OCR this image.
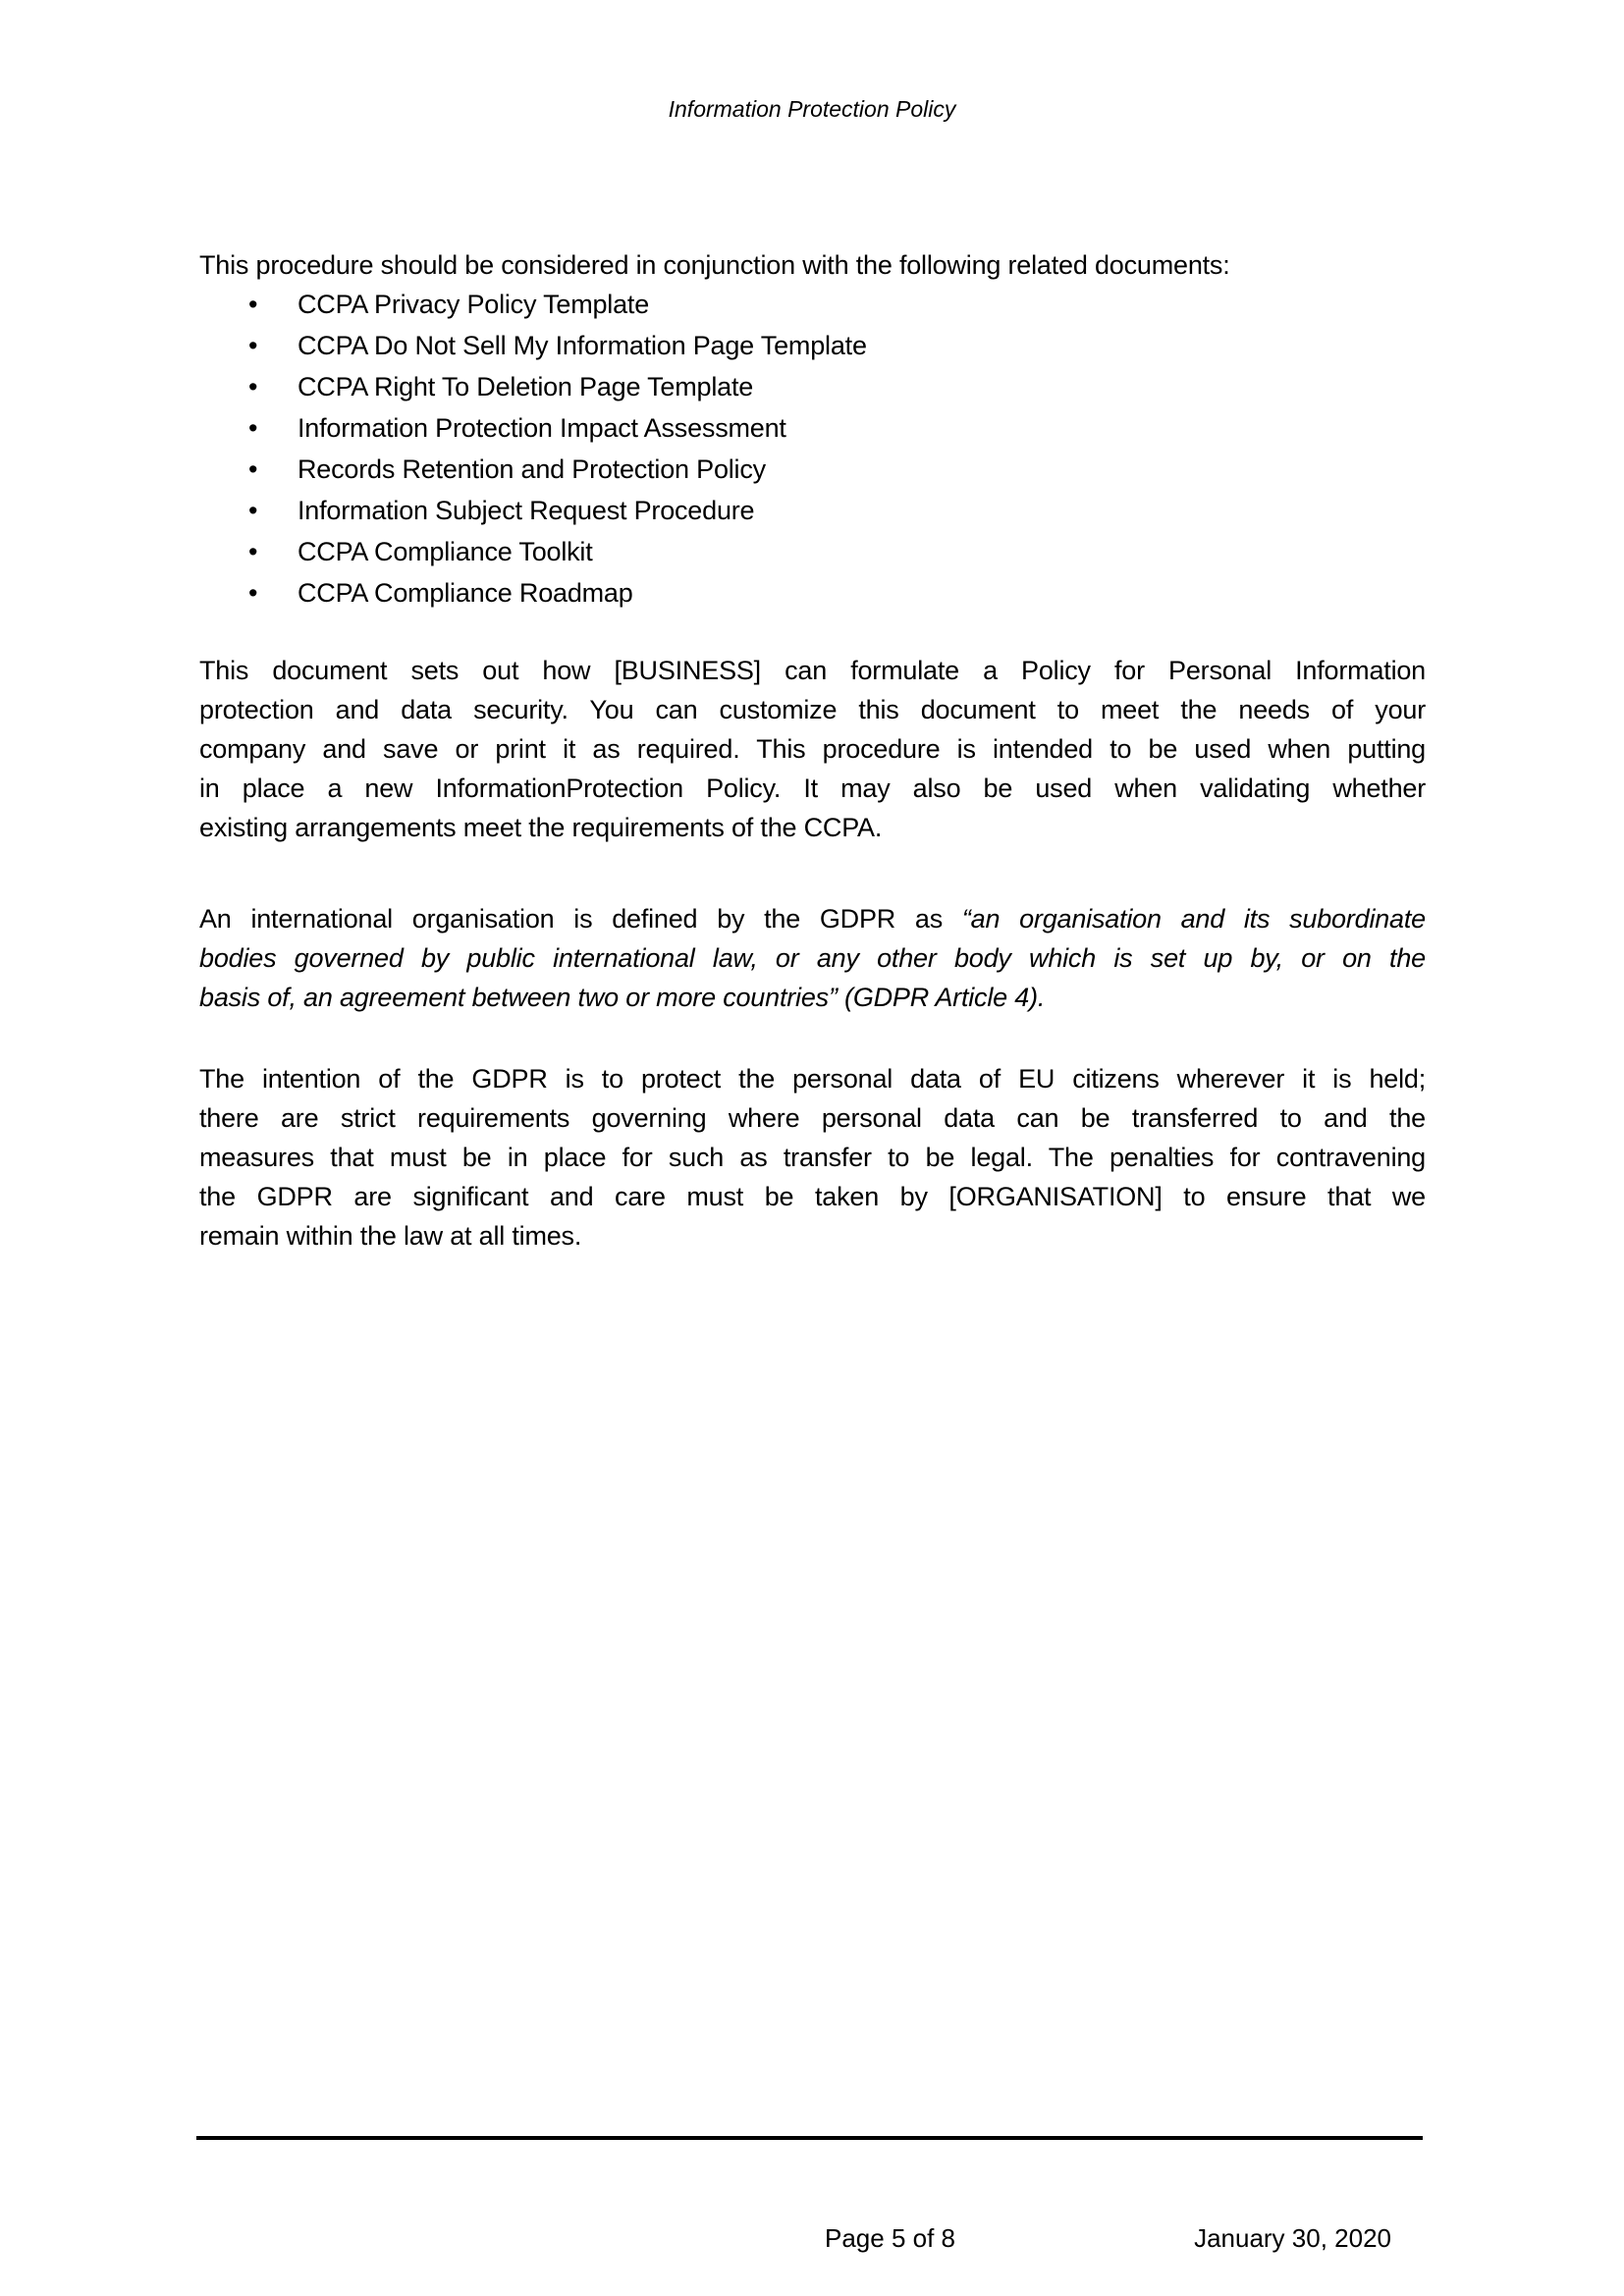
Information Protection Policy
This procedure should be considered in conjunction with the following related documents:
• CCPA Privacy Policy Template
• CCPA Do Not Sell My Information Page Template
• CCPA Right To Deletion Page Template
• Information Protection Impact Assessment
• Records Retention and Protection Policy
• Information Subject Request Procedure
• CCPA Compliance Toolkit
• CCPA Compliance Roadmap
This document sets out how [BUSINESS] can formulate a Policy for Personal Information
protection and data security. You can customize this document to meet the needs of your
company and save or print it as required. This procedure is intended to be used when putting
in place a new InformationProtection Policy. It may also be used when validating whether
existing arrangements meet the requirements of the CCPA.
An international organisation is defined by the GDPR as “an organisation and its subordinate
bodies governed by public international law, or any other body which is set up by, or on the
basis of, an agreement between two or more countries” (GDPR Article 4).
The intention of the GDPR is to protect the personal data of EU citizens wherever it is held;
there are strict requirements governing where personal data can be transferred to and the
measures that must be in place for such as transfer to be legal. The penalties for contravening
the GDPR are significant and care must be taken by [ORGANISATION] to ensure that we
remain within the law at all times.
Page 5 of 8	January 30, 2020
